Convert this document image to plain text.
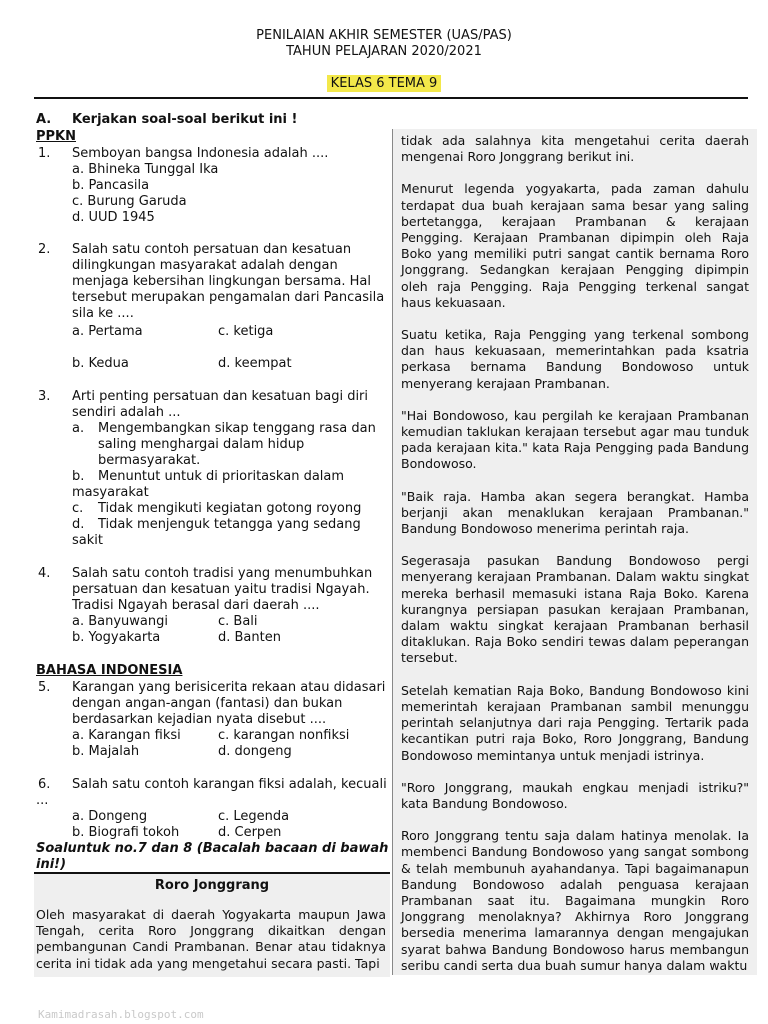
PENILAIAN AKHIR SEMESTER (UAS/PAS)
TAHUN PELAJARAN 2020/2021
KELAS 6 TEMA 9
A. Kerjakan soal-soal berikut ini !
PPKN
1. Semboyan bangsa Indonesia adalah ....
a. Bhineka Tunggal Ika
b. Pancasila
c. Burung Garuda
d. UUD 1945
2. Salah satu contoh persatuan dan kesatuan
dilingkungan masyarakat adalah dengan
menjaga kebersihan lingkungan bersama. Hal
tersebut merupakan pengamalan dari Pancasila
sila ke ....
a. Pertama	c. ketiga
b. Kedua	d. keempat
3. Arti penting persatuan dan kesatuan bagi diri
sendiri adalah ...
a. Mengembangkan sikap tenggang rasa dan
saling menghargai dalam hidup
bermasyarakat.
b. Menuntut untuk di prioritaskan dalam
masyarakat
c. Tidak mengikuti kegiatan gotong royong
d. Tidak menjenguk tetangga yang sedang
sakit
4. Salah satu contoh tradisi yang menumbuhkan
persatuan dan kesatuan yaitu tradisi Ngayah.
Tradisi Ngayah berasal dari daerah ....
a. Banyuwangi	c. Bali
b. Yogyakarta	d. Banten
BAHASA INDONESIA
5. Karangan yang berisicerita rekaan atau didasari
dengan angan-angan (fantasi) dan bukan
berdasarkan kejadian nyata disebut ....
a. Karangan fiksi	c. karangan nonfiksi
b. Majalah	d. dongeng
6. Salah satu contoh karangan fiksi adalah, kecuali
...
a. Dongeng	c. Legenda
b. Biografi tokoh	d. Cerpen
Soaluntuk no.7 dan 8 (Bacalah bacaan di bawah
ini!)
Roro Jonggrang
Oleh masyarakat di daerah Yogyakarta maupun Jawa Tengah, cerita Roro Jonggrang dikaitkan dengan pembangunan Candi Prambanan. Benar atau tidaknya cerita ini tidak ada yang mengetahui secara pasti. Tapi

tidak ada salahnya kita mengetahui cerita daerah mengenai Roro Jonggrang berikut ini.

Menurut legenda yogyakarta, pada zaman dahulu terdapat dua buah kerajaan sama besar yang saling bertetangga, kerajaan Prambanan & kerajaan Pengging. Kerajaan Prambanan dipimpin oleh Raja Boko yang memiliki putri sangat cantik bernama Roro Jonggrang. Sedangkan kerajaan Pengging dipimpin oleh raja Pengging. Raja Pengging terkenal sangat haus kekuasaan.

Suatu ketika, Raja Pengging yang terkenal sombong dan haus kekuasaan, memerintahkan pada ksatria perkasa bernama Bandung Bondowoso untuk menyerang kerajaan Prambanan.

"Hai Bondowoso, kau pergilah ke kerajaan Prambanan kemudian taklukan kerajaan tersebut agar mau tunduk pada kerajaan kita." kata Raja Pengging pada Bandung Bondowoso.

"Baik raja. Hamba akan segera berangkat. Hamba berjanji akan menaklukan kerajaan Prambanan." Bandung Bondowoso menerima perintah raja.

Segerasaja pasukan Bandung Bondowoso pergi menyerang kerajaan Prambanan. Dalam waktu singkat mereka berhasil memasuki istana Raja Boko. Karena kurangnya persiapan pasukan kerajaan Prambanan, dalam waktu singkat kerajaan Prambanan berhasil ditaklukan. Raja Boko sendiri tewas dalam peperangan tersebut.

Setelah kematian Raja Boko, Bandung Bondowoso kini memerintah kerajaan Prambanan sambil menunggu perintah selanjutnya dari raja Pengging. Tertarik pada kecantikan putri raja Boko, Roro Jonggrang, Bandung Bondowoso memintanya untuk menjadi istrinya.

"Roro Jonggrang, maukah engkau menjadi istriku?" kata Bandung Bondowoso.

Roro Jonggrang tentu saja dalam hatinya menolak. Ia membenci Bandung Bondowoso yang sangat sombong & telah membunuh ayahandanya. Tapi bagaimanapun Bandung Bondowoso adalah penguasa kerajaan Prambanan saat itu. Bagaimana mungkin Roro Jonggrang menolaknya? Akhirnya Roro Jonggrang bersedia menerima lamarannya dengan mengajukan syarat bahwa Bandung Bondowoso harus membangun seribu candi serta dua buah sumur hanya dalam waktu

Kamimadrasah.blogspot.com
